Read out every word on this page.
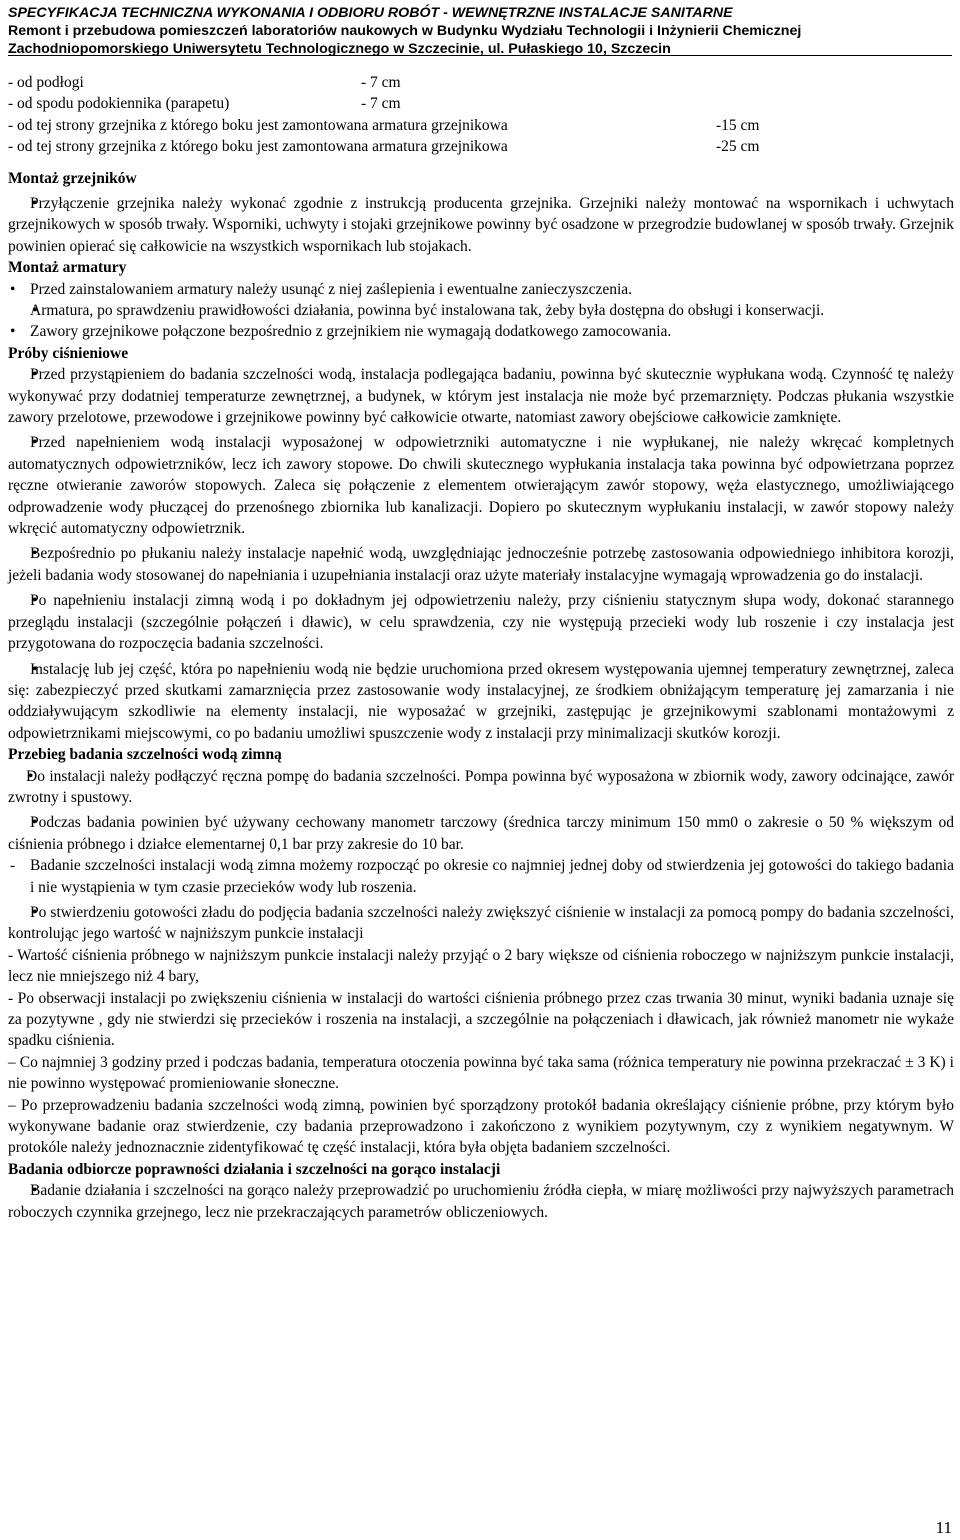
SPECYFIKACJA TECHNICZNA WYKONANIA I ODBIORU ROBÓT - WEWNĘTRZNE INSTALACJE SANITARNE
Remont i przebudowa pomieszczeń laboratoriów naukowych w Budynku Wydziału Technologii i Inżynierii Chemicznej
Zachodniopomorskiego Uniwersytetu Technologicznego w Szczecinie, ul. Pułaskiego 10, Szczecin
- od podłogi	- 7 cm
- od spodu podokiennika (parapetu)	- 7 cm
- od tej strony grzejnika z którego boku jest zamontowana armatura grzejnikowa	-15 cm
- od tej strony grzejnika z którego boku jest zamontowana armatura grzejnikowa	-25 cm
Montaż grzejników

• Przyłączenie grzejnika należy wykonać zgodnie z instrukcją producenta grzejnika. Grzejniki należy montować na wspornikach i uchwytach grzejnikowych w sposób trwały. Wsporniki, uchwyty i stojaki grzejnikowe powinny być osadzone w przegrodzie budowlanej w sposób trwały. Grzejnik powinien opierać się całkowicie na wszystkich wspornikach lub stojakach.

Montaż armatury

• Przed zainstalowaniem armatury należy usunąć z niej zaślepienia i ewentualne zanieczyszczenia.

• Armatura, po sprawdzeniu prawidłowości działania, powinna być instalowana tak, żeby była dostępna do obsługi i konserwacji.

• Zawory grzejnikowe połączone bezpośrednio z grzejnikiem nie wymagają dodatkowego zamocowania.

Próby ciśnieniowe

• Przed przystąpieniem do badania szczelności wodą, instalacja podlegająca badaniu, powinna być skutecznie wypłukana wodą. Czynność tę należy wykonywać przy dodatniej temperaturze zewnętrznej, a budynek, w którym jest instalacja nie może być przemarznięty. Podczas płukania wszystkie zawory przelotowe, przewodowe i grzejnikowe powinny być całkowicie otwarte, natomiast zawory obejściowe całkowicie zamknięte.

• Przed napełnieniem wodą instalacji wyposażonej w odpowietrzniki automatyczne i nie wypłukanej, nie należy wkręcać kompletnych automatycznych odpowietrzników, lecz ich zawory stopowe. Do chwili skutecznego wypłukania instalacja taka powinna być odpowietrzana poprzez ręczne otwieranie zaworów stopowych. Zaleca się połączenie z elementem otwierającym zawór stopowy, węża elastycznego, umożliwiającego odprowadzenie wody płuczącej do przenośnego zbiornika lub kanalizacji. Dopiero po skutecznym wypłukaniu instalacji, w zawór stopowy należy wkręcić automatyczny odpowietrznik.

• Bezpośrednio po płukaniu należy instalacje napełnić wodą, uwzględniając jednocześnie potrzebę zastosowania odpowiedniego inhibitora korozji, jeżeli badania wody stosowanej do napełniania i uzupełniania instalacji oraz użyte materiały instalacyjne wymagają wprowadzenia go do instalacji.

• Po napełnieniu instalacji zimną wodą i po dokładnym jej odpowietrzeniu należy, przy ciśnieniu statycznym słupa wody, dokonać starannego przeglądu instalacji (szczególnie połączeń i dławic), w celu sprawdzenia, czy nie występują przecieki wody lub roszenie i czy instalacja jest przygotowana do rozpoczęcia badania szczelności.

• Instalację lub jej część, która po napełnieniu wodą nie będzie uruchomiona przed okresem występowania ujemnej temperatury zewnętrznej, zaleca się: zabezpieczyć przed skutkami zamarznięcia przez zastosowanie wody instalacyjnej, ze środkiem obniżającym temperaturę jej zamarzania i nie oddziaływującym szkodliwie na elementy instalacji, nie wyposażać w grzejniki, zastępując je grzejnikowymi szablonami montażowymi z odpowietrznikami miejscowymi, co po badaniu umożliwi spuszczenie wody z instalacji przy minimalizacji skutków korozji.

Przebieg badania szczelności wodą zimną

• Do instalacji należy podłączyć ręczna pompę do badania szczelności. Pompa powinna być wyposażona w zbiornik wody, zawory odcinające, zawór zwrotny i spustowy.

• Podczas badania powinien być używany cechowany manometr tarczowy (średnica tarczy minimum 150 mm0 o zakresie o 50 % większym od ciśnienia próbnego i działce elementarnej 0,1 bar przy zakresie do 10 bar.

- Badanie szczelności instalacji wodą zimna możemy rozpocząć po okresie co najmniej jednej doby od stwierdzenia jej gotowości do takiego badania i nie wystąpienia w tym czasie przecieków wody lub roszenia.

• Po stwierdzeniu gotowości zładu do podjęcia badania szczelności należy zwiększyć ciśnienie w instalacji za pomocą pompy do badania szczelności, kontrolując jego wartość w najniższym punkcie instalacji

- Wartość ciśnienia próbnego w najniższym punkcie instalacji należy przyjąć o 2 bary większe od ciśnienia roboczego w najniższym punkcie instalacji, lecz nie mniejszego niż 4 bary,

- Po obserwacji instalacji po zwiększeniu ciśnienia w instalacji do wartości ciśnienia próbnego przez czas trwania 30 minut, wyniki badania uznaje się za pozytywne , gdy nie stwierdzi się przecieków i roszenia na instalacji, a szczególnie na połączeniach i dławicach, jak również manometr nie wykaże spadku ciśnienia.

– Co najmniej 3 godziny przed i podczas badania, temperatura otoczenia powinna być taka sama (różnica temperatury nie powinna przekraczać ± 3 K) i nie powinno występować promieniowanie słoneczne.

– Po przeprowadzeniu badania szczelności wodą zimną, powinien być sporządzony protokół badania określający ciśnienie próbne, przy którym było wykonywane badanie oraz stwierdzenie, czy badania przeprowadzono i zakończono z wynikiem pozytywnym, czy z wynikiem negatywnym. W protokóle należy jednoznacznie zidentyfikować tę część instalacji, która była objęta badaniem szczelności.

Badania odbiorcze poprawności działania i szczelności na gorąco instalacji

• Badanie działania i szczelności na gorąco należy przeprowadzić po uruchomieniu źródła ciepła, w miarę możliwości przy najwyższych parametrach roboczych czynnika grzejnego, lecz nie przekraczających parametrów obliczeniowych.

11
